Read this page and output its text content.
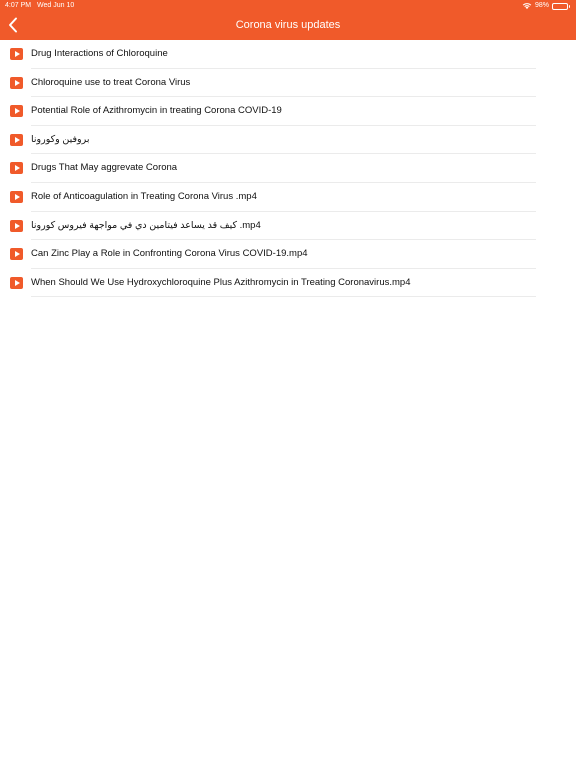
4:07 PM Wed Jun 10	98%
Corona virus updates
Drug Interactions of Chloroquine
Chloroquine use to treat Corona Virus
Potential Role of Azithromycin in treating Corona COVID-19
بروفين وكورونا
Drugs That May aggrevate Corona
Role of Anticoagulation in Treating Corona Virus .mp4
كيف قد يساعد فيتامين دي في مواجهة فيروس كورونا .mp4
Can Zinc Play a Role in Confronting Corona Virus COVID-19.mp4
When Should We Use Hydroxychloroquine Plus Azithromycin in Treating Coronavirus.mp4
